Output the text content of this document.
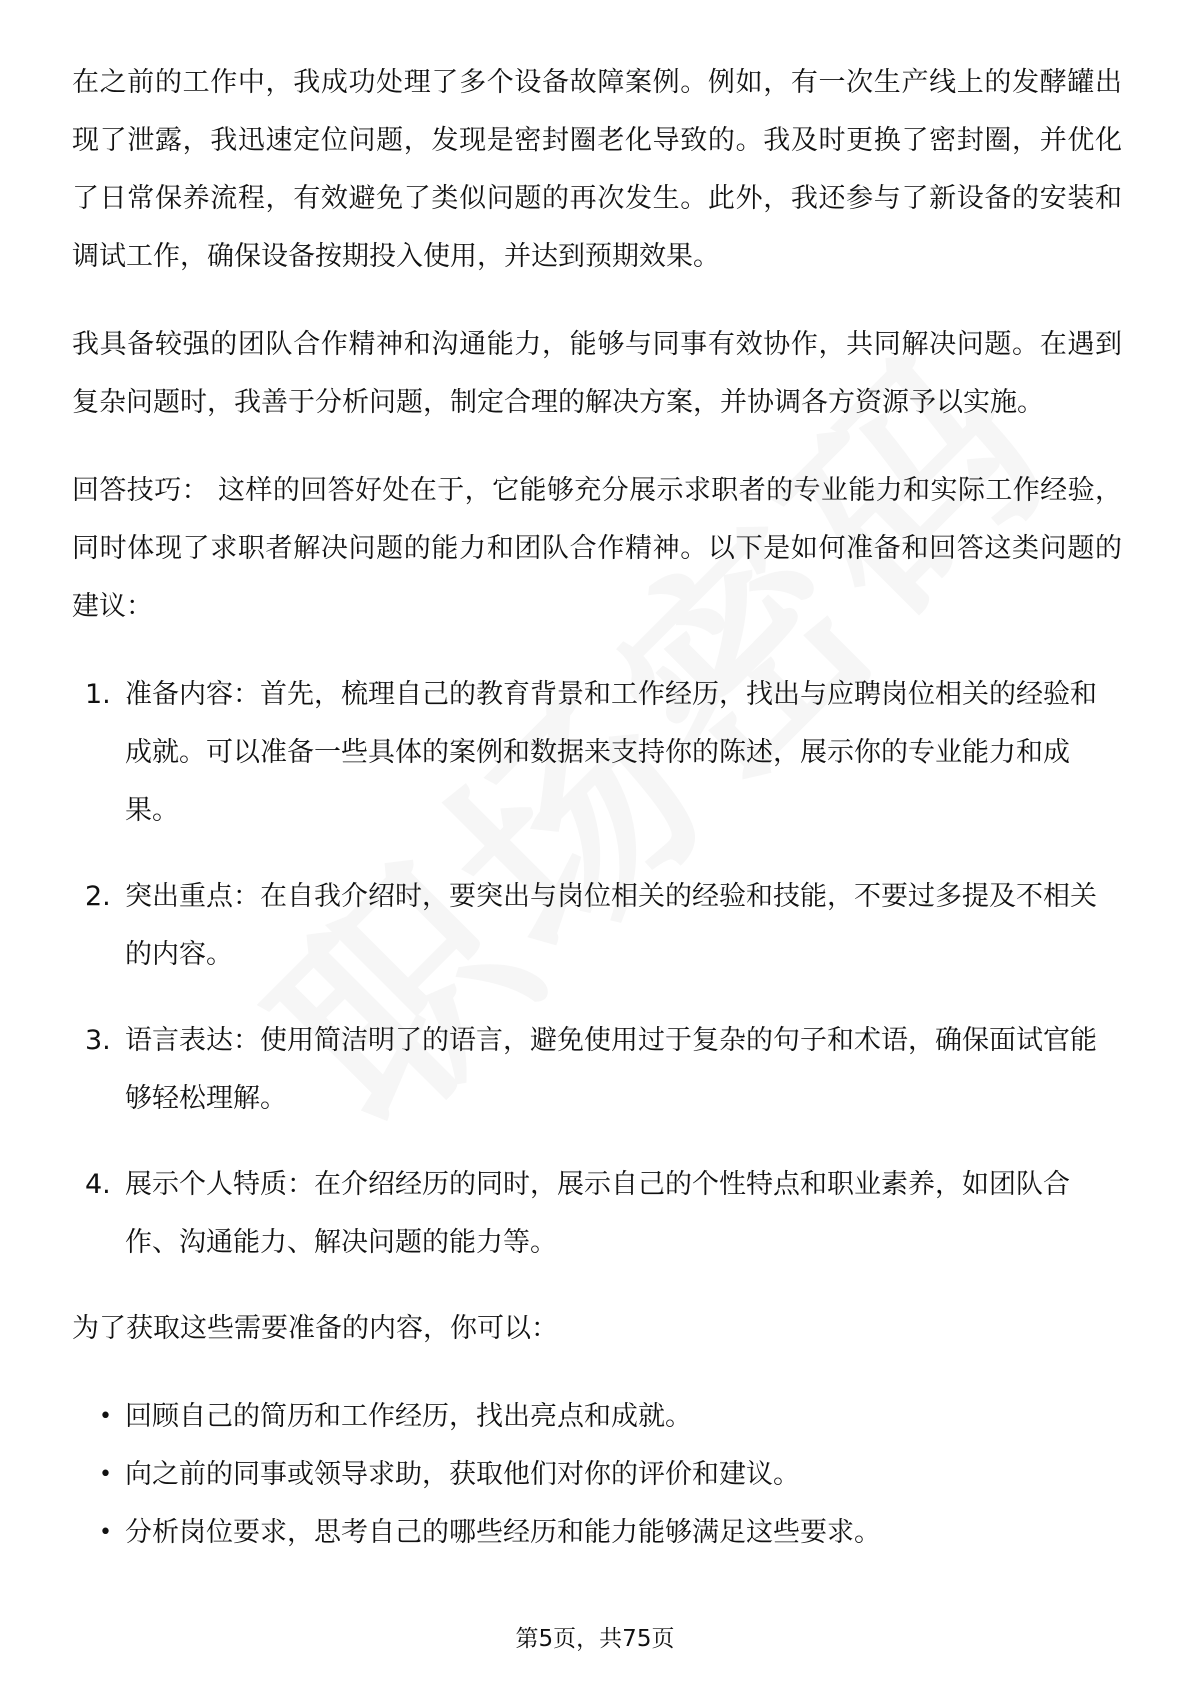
在之前的工作中，我成功处理了多个设备故障案例。例如，有一次生产线上的发酵罐出现了泄露，我迅速定位问题，发现是密封圈老化导致的。我及时更换了密封圈，并优化了日常保养流程，有效避免了类似问题的再次发生。此外，我还参与了新设备的安装和调试工作，确保设备按期投入使用，并达到预期效果。

我具备较强的团队合作精神和沟通能力，能够与同事有效协作，共同解决问题。在遇到复杂问题时，我善于分析问题，制定合理的解决方案，并协调各方资源予以实施。

回答技巧： 这样的回答好处在于，它能够充分展示求职者的专业能力和实际工作经验，同时体现了求职者解决问题的能力和团队合作精神。以下是如何准备和回答这类问题的建议：

1. 准备内容：首先，梳理自己的教育背景和工作经历，找出与应聘岗位相关的经验和成就。可以准备一些具体的案例和数据来支持你的陈述，展示你的专业能力和成果。
2. 突出重点：在自我介绍时，要突出与岗位相关的经验和技能，不要过多提及不相关的内容。
3. 语言表达：使用简洁明了的语言，避免使用过于复杂的句子和术语，确保面试官能够轻松理解。
4. 展示个人特质：在介绍经历的同时，展示自己的个性特点和职业素养，如团队合作、沟通能力、解决问题的能力等。

为了获取这些需要准备的内容，你可以：

• 回顾自己的简历和工作经历，找出亮点和成就。
• 向之前的同事或领导求助，获取他们对你的评价和建议。
• 分析岗位要求，思考自己的哪些经历和能力能够满足这些要求。
第5页，共75页
